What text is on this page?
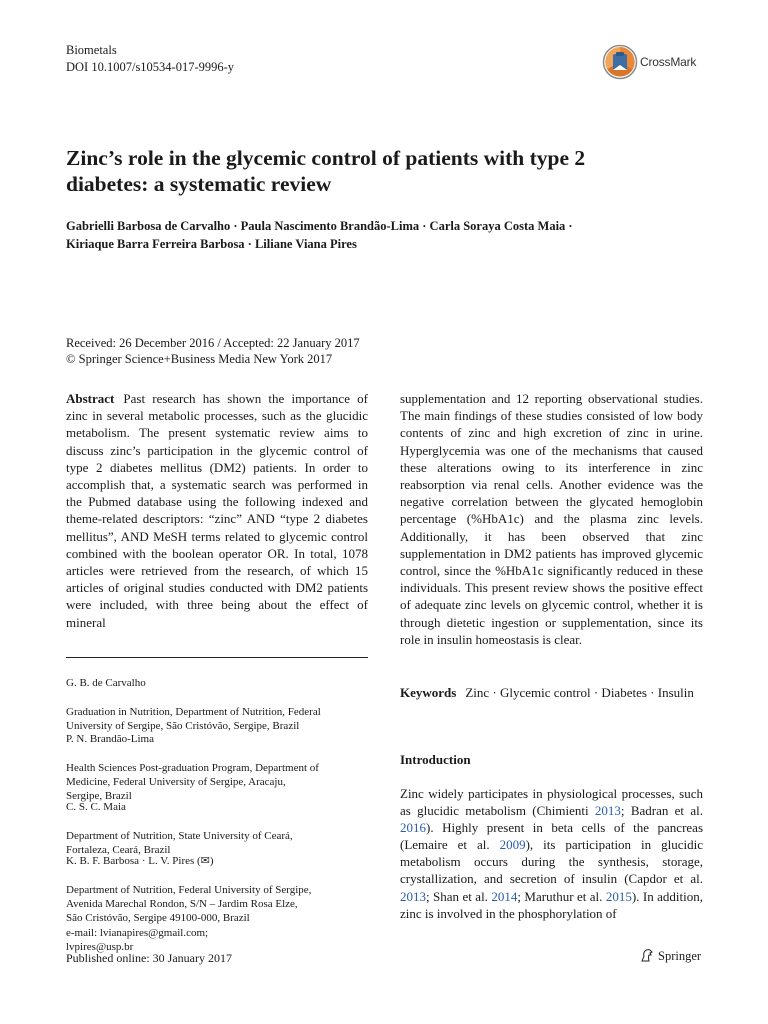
Biometals
DOI 10.1007/s10534-017-9996-y	CrossMark
Zinc’s role in the glycemic control of patients with type 2
diabetes: a systematic review
Gabrielli Barbosa de Carvalho · Paula Nascimento Brandão-Lima · Carla Soraya Costa Maia ·
Kiriaque Barra Ferreira Barbosa · Liliane Viana Pires
Received: 26 December 2016 / Accepted: 22 January 2017
© Springer Science+Business Media New York 2017

Abstract Past research has shown the importance of zinc in several metabolic processes, such as the glucidic metabolism. The present systematic review aims to discuss zinc’s participation in the glycemic control of type 2 diabetes mellitus (DM2) patients. In order to accomplish that, a systematic search was performed in the Pubmed database using the following indexed and theme-related descriptors: “zinc” AND “type 2 diabetes mellitus”, AND MeSH terms related to glycemic control combined with the boolean operator OR. In total, 1078 articles were retrieved from the research, of which 15 articles of original studies conducted with DM2 patients were included, with three being about the effect of mineral

supplementation and 12 reporting observational studies. The main findings of these studies consisted of low body contents of zinc and high excretion of zinc in urine. Hyperglycemia was one of the mechanisms that caused these alterations owing to its interference in zinc reabsorption via renal cells. Another evidence was the negative correlation between the glycated hemoglobin percentage (%HbA1c) and the plasma zinc levels. Additionally, it has been observed that zinc supplementation in DM2 patients has improved glycemic control, since the %HbA1c significantly reduced in these individuals. This present review shows the positive effect of adequate zinc levels on glycemic control, whether it is through dietetic ingestion or supplementation, since its role in insulin homeostasis is clear.

G. B. de Carvalho

Graduation in Nutrition, Department of Nutrition, Federal
University of Sergipe, São Cristóvão, Sergipe, Brazil

P. N. Brandão-Lima

Health Sciences Post-graduation Program, Department of
Medicine, Federal University of Sergipe, Aracaju,
Sergipe, Brazil

C. S. C. Maia

Department of Nutrition, State University of Ceará,
Fortaleza, Ceará, Brazil

K. B. F. Barbosa · L. V. Pires (✉)

Department of Nutrition, Federal University of Sergipe,
Avenida Marechal Rondon, S/N – Jardim Rosa Elze,
São Cristóvão, Sergipe 49100-000, Brazil
e-mail: lvianapires@gmail.com;
lvpires@usp.br

Keywords Zinc · Glycemic control · Diabetes · Insulin
Introduction

Zinc widely participates in physiological processes, such as glucidic metabolism (Chimienti 2013; Badran et al. 2016). Highly present in beta cells of the pancreas (Lemaire et al. 2009), its participation in glucidic metabolism occurs during the synthesis, storage, crystallization, and secretion of insulin (Capdor et al. 2013; Shan et al. 2014; Maruthur et al. 2015). In addition, zinc is involved in the phosphorylation of

Published online: 30 January 2017	Springer
